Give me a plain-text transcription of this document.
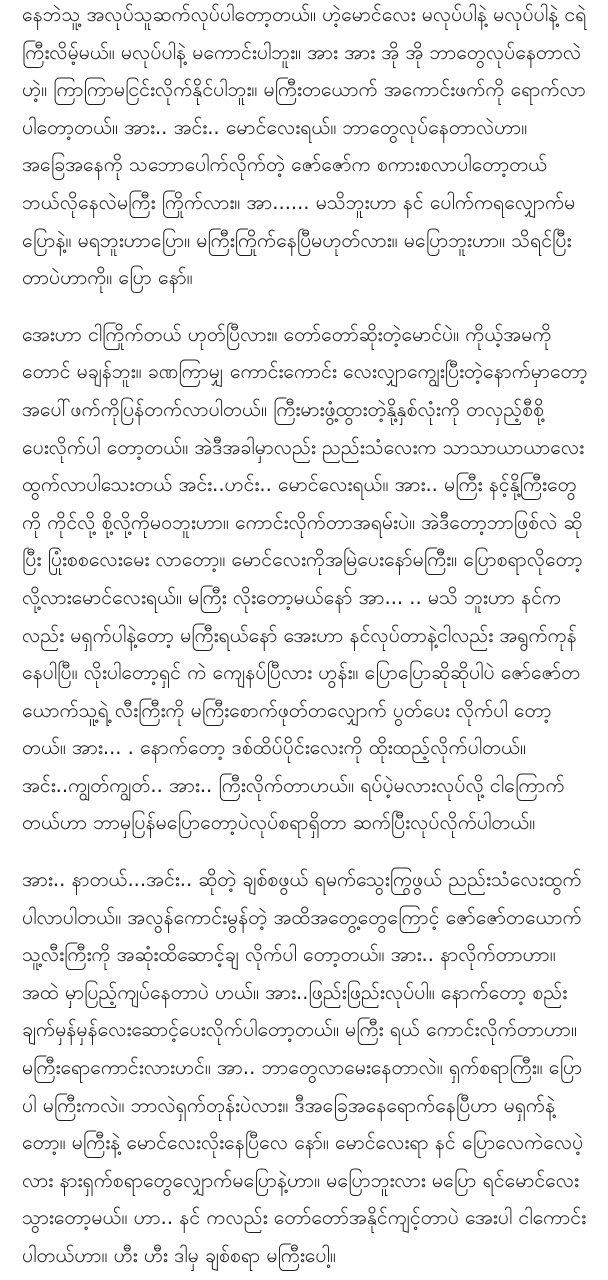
နေဘဲသူ့ အလုပ်သူဆက်လုပ်ပါတော့တယ်။ ဟဲ့မောင်လေး မလုပ်ပါနဲ့ မလုပ်ပါနဲ့ ငရဲ ကြီးလိမ့်မယ်။ မလုပ်ပါနဲ့ မကောင်းပါဘူး။ အား အား အို အို ဘာတွေလုပ်နေတာလဲ ဟဲ့။ ကြာကြာမငြင်းလိုက်နိုင်ပါဘူး။ မကြီးတယောက် အကောင်းဖက်ကို ရောက်လာပါတော့တယ်။ အား.. အင်း.. မောင်လေးရယ်။ ဘာတွေလုပ်နေတာလဲဟာ။ အခြေအနေကို သဘောပေါက်လိုက်တဲ့ ဇော်ဇော်က စကားစလာပါတော့တယ် ဘယ်လိုနေလဲမကြီး ကြိုက်လား။ အာ...... မသိဘူးဟာ နင် ပေါက်ကရလျှောက်မပြောနဲ့။ မရဘူးဟာပြော။ မကြီးကြိုက်နေပြီမဟုတ်လား။ မပြောဘူးဟာ။ သိရင်ပြီးတာပဲဟာကို။ ပြော နော်။

အေးဟာ ငါကြိုက်တယ် ဟုတ်ပြီလား။ တော်တော်ဆိုးတဲ့မောင်ပဲ။ ကိုယ့်အမကိုတောင် မချန်ဘူး။ ခဏကြာမျှ ကောင်းကောင်း လေးလျှာကျွေးပြီးတဲ့နောက်မှာတော့ အပေါ်ဖက်ကိုပြန်တက်လာပါတယ်။ ကြီးမားဖွံ့ထွားတဲ့နို့နှစ်လုံးကို တလှည့်စီစို့ပေးလိုက်ပါ တော့တယ်။ အဲဒီအခါမှာလည်း ညည်းသံလေးက သာသာယာယာလေးထွက်လာပါသေးတယ် အင်း..ဟင်း.. မောင်လေးရယ်။ အား.. မကြီး နင့်နို့ကြီးတွေကို ကိုင်လို့ စို့လို့ကိုမဝဘူးဟာ။ ကောင်းလိုက်တာအရမ်းပဲ။ အဲဒီတော့ဘာဖြစ်လဲ ဆိုပြီး ပြုံးစစလေးမေး လာတော့။ မောင်လေးကိုအမြဲပေးနော်မကြီး။ ပြောစရာလိုတော့လို့လားမောင်လေးရယ်။ မကြီး လိုးတော့မယ်နော် အာ... .. မသိ ဘူးဟာ နင်ကလည်း မရှက်ပါနဲ့တော့ မကြီးရယ်နော် အေးဟာ နင်လုပ်တာနဲ့ငါလည်း အရွက်ကုန်နေပါပြီ။ လိုးပါတော့ရှင် ကဲ ကျေနပ်ပြီလား ဟွန်း။ ပြောပြောဆိုဆိုပါပဲ ဇော်ဇော်တယောက်သူ့ရဲ့ လီးကြီးကို မကြီးစောက်ဖုတ်တလျှောက် ပွတ်ပေး လိုက်ပါ တော့တယ်။ အား... . နောက်တော့ ဒစ်ထိပ်ပိုင်းလေးကို ထိုးထည့်လိုက်ပါတယ်။ အင်း..ကျွတ်ကျွတ်.. အား.. ကြီးလိုက်တာဟယ်။ ရပ်ပဲ့မလားလုပ်လို့ ငါကြောက်တယ်ဟာ ဘာမှပြန်မပြောတော့ပဲလုပ်စရာရှိတာ ဆက်ပြီးလုပ်လိုက်ပါတယ်။

အား.. နာတယ်...အင်း.. ဆိုတဲ့ ချစ်စဖွယ် ရမက်သွေးကြွဖွယ် ညည်းသံလေးထွက်ပါလာပါတယ်။ အလွန်ကောင်းမွန်တဲ့ အထိအတွေ့တွေကြောင့် ဇော်ဇော်တယောက်သူ့လီးကြီးကို အဆုံးထိဆောင့်ချ လိုက်ပါ တော့တယ်။ အား.. နာလိုက်တာဟာ။ အထဲ မှာပြည့်ကျပ်နေတာပဲ ဟယ်။ အား..ဖြည်းဖြည်းလုပ်ပါ။ နောက်တော့ စည်းချက်မှန်မှန်လေးဆောင့်ပေးလိုက်ပါတော့တယ်။ မကြီး ရယ် ကောင်းလိုက်တာဟာ။ မကြီးရောကောင်းလားဟင်။ အာ.. ဘာတွေလာမေးနေတာလဲ။ ရှက်စရာကြီး။ ပြောပါ မကြီးကလဲ။ ဘာလဲရှက်တုန်းပဲလား။ ဒီအခြေအနေရောက်နေပြီဟာ မရှက်နဲ့တော့။ မကြီးနဲ့ မောင်လေးလိုးနေပြီလေ နော်။ မောင်လေးရာ နင် ပြောလေကဲလေပဲ့လား နားရှက်စရာတွေလျှောက်မပြောနဲ့ဟာ။ မပြောဘူးလား မပြော ရင်မောင်လေး သွားတော့မယ်။ ဟာ.. နင် ကလည်း တော်တော်အနိုင်ကျင့်တာပဲ အေးပါ ငါကောင်းပါတယ်ဟာ။ ဟီး ဟီး ဒါမှ ချစ်စရာ မကြီးပေါ့။
